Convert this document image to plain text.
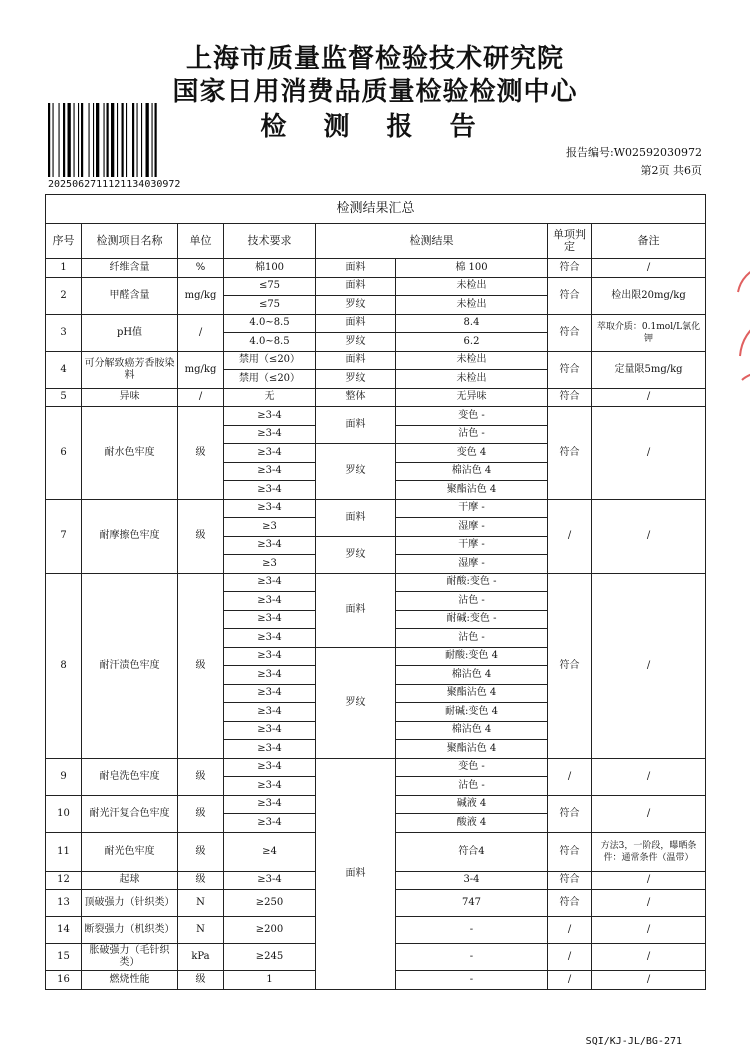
上海市质量监督检验技术研究院
国家日用消费品质量检验检测中心
检 测 报 告
2025062711121134030972
报告编号:W02592030972
第2页 共6页
检测结果汇总							
序号	检测项目名称	单位	技术要求	检测结果		单项判定	备注
1	纤维含量	%	棉100	面料	棉 100	符合	/
2	甲醛含量	mg/kg	≤75	面料	未检出	符合	检出限20mg/kg
			≤75	罗纹	未检出		
3	pH值	/	4.0~8.5	面料	8.4	符合	萃取介质：0.1mol/L氯化钾
			4.0~8.5	罗纹	6.2		
4	可分解致癌芳香胺染料	mg/kg	禁用（≤20）	面料	未检出	符合	定量限5mg/kg
			禁用（≤20）	罗纹	未检出		
5	异味	/	无	整体	无异味	符合	/
6	耐水色牢度	级	≥3-4	面料	变色 -	符合	/
			≥3-4		沾色 -		
			≥3-4	罗纹	变色 4		
			≥3-4		棉沾色 4		
			≥3-4		聚酯沾色 4		
7	耐摩擦色牢度	级	≥3-4	面料	干摩 -	/	/
			≥3		湿摩 -		
			≥3-4	罗纹	干摩 -		
			≥3		湿摩 -		
8	耐汗渍色牢度	级	≥3-4	面料	耐酸:变色 -	符合	/
			≥3-4		沾色 -		
			≥3-4		耐碱:变色 -		
			≥3-4		沾色 -		
			≥3-4	罗纹	耐酸:变色 4		
			≥3-4		棉沾色 4		
			≥3-4		聚酯沾色 4		
			≥3-4		耐碱:变色 4		
			≥3-4		棉沾色 4		
			≥3-4		聚酯沾色 4		
9	耐皂洗色牢度	级	≥3-4	面料	变色 -	/	/
			≥3-4		沾色 -		
10	耐光汗复合色牢度	级	≥3-4		碱液 4	符合	/
			≥3-4		酸液 4		
11	耐光色牢度	级	≥4		符合4	符合	方法3，一阶段，曝晒条件：通常条件（温带）
12	起球	级	≥3-4		3-4	符合	/
13	顶破强力（针织类）	N	≥250		747	符合	/
14	断裂强力（机织类）	N	≥200		-	/	/
15	胀破强力（毛针织类）	kPa	≥245		-	/	/
16	燃烧性能	级	1		-	/	/
SQI/KJ-JL/BG-271
